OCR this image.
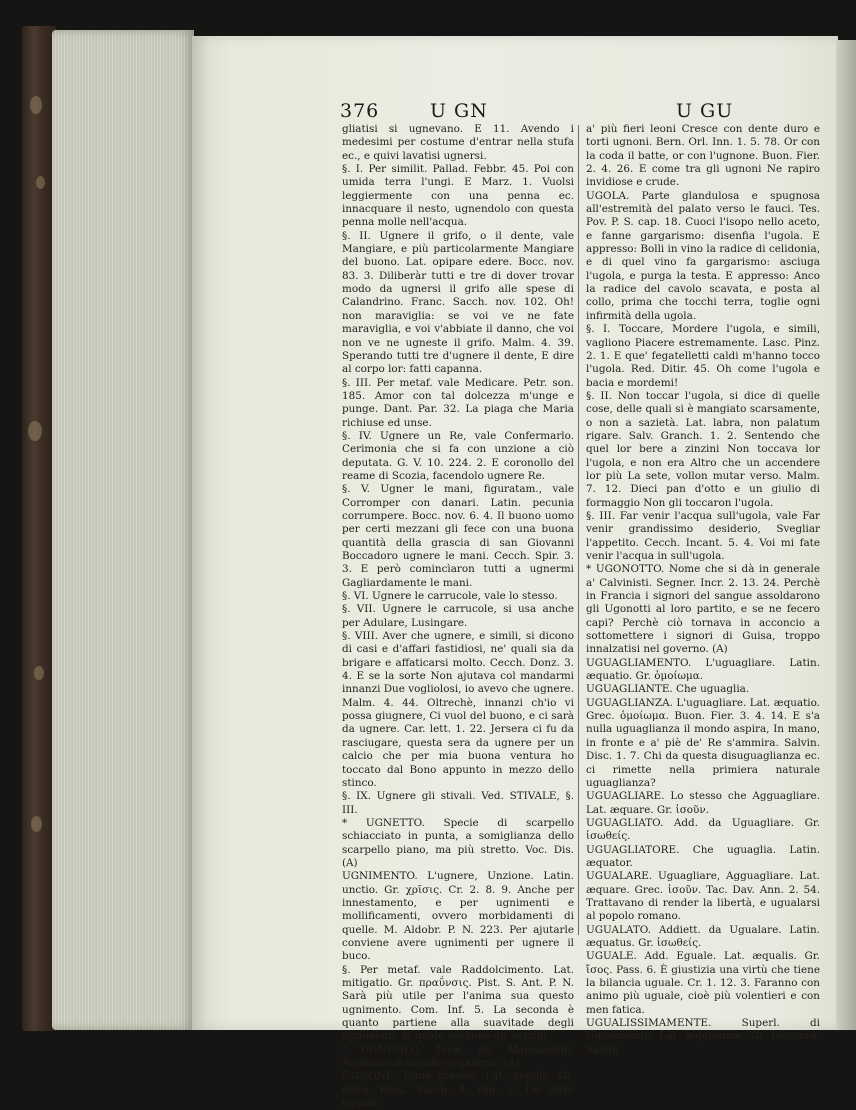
376	U GN	U GU

gliatisi si ugnevano. E 11. Avendo i medesimi per costume d'entrar nella stufa ec., e quivi lavatisi ugnersi.

§. I. Per similit. Pallad. Febbr. 45. Poi con umida terra l'ungi. E Marz. 1. Vuolsi leggiermente con una penna ec. innacquare il nesto, ugnendolo con questa penna molle nell'acqua.

§. II. Ugnere il grifo, o il dente, vale Mangiare, e più particolarmente Mangiare del buono. Lat. opipare edere. Bocc. nov. 83. 3. Diliberàr tutti e tre di dover trovar modo da ugnersi il grifo alle spese di Calandrino. Franc. Sacch. nov. 102. Oh! non maraviglia: se voi ve ne fate maraviglia, e voi v'abbiate il danno, che voi non ve ne ugneste il grifo. Malm. 4. 39. Sperando tutti tre d'ugnere il dente, E dire al corpo lor: fatti capanna.

§. III. Per metaf. vale Medicare. Petr. son. 185. Amor con tal dolcezza m'unge e punge. Dant. Par. 32. La piaga che Maria richiuse ed unse.

§. IV. Ugnere un Re, vale Confermarlo. Cerimonia che si fa con unzione a ciò deputata. G. V. 10. 224. 2. E coronollo del reame di Scozia, facendolo ugnere Re.

§. V. Ugner le mani, figuratam., vale Corromper con danari. Latin. pecunia corrumpere. Bocc. nov. 6. 4. Il buono uomo per certi mezzani gli fece con una buona quantità della grascia di san Giovanni Boccadoro ugnere le mani. Cecch. Spir. 3. 3. E però comincìaron tutti a ugnermi Gagliardamente le mani.

§. VI. Ugnere le carrucole, vale lo stesso.

§. VII. Ugnere le carrucole, si usa anche per Adulare, Lusingare.

§. VIII. Aver che ugnere, e simili, si dicono di casi e d'affari fastidiosi, ne' quali sia da brigare e affaticarsi molto. Cecch. Donz. 3. 4. E se la sorte Non ajutava col mandarmi innanzi Due vogliolosi, io avevo che ugnere. Malm. 4. 44. Oltrechè, innanzi ch'io vi possa giugnere, Ci vuol del buono, e ci sarà da ugnere. Car. lett. 1. 22. Jersera ci fu da rasciugare, questa sera da ugnere per un calcio che per mia buona ventura ho toccato dal Bono appunto in mezzo dello stinco.

§. IX. Ugnere gli stivali. Ved. STIVALE, §. III.

* UGNETTO. Specie di scarpello schiacciato in punta, a somiglianza dello scarpello piano, ma più stretto. Voc. Dis. (A)

UGNIMENTO. L'ugnere, Unzione. Latin. unctio. Gr. χρῖσις. Cr. 2. 8. 9. Anche per innestamento, e per ugnimenti e mollificamenti, ovvero morbidamenti di quelle. M. Aldobr. P. N. 223. Per ajutarle conviene avere ugnimenti per ugnere il buco.

§. Per metaf. vale Raddolcimento. Lat. mitigatio. Gr. πραΰνσις. Pist. S. Ant. P. N. Sarà più utile per l'anima sua questo ugnimento. Com. Inf. 5. La seconda è quanto partiene alla suavitade degli ugnimenti, la quale usavano gli antichi.

* UGNUOLO. Term. de' Maniscalchi. Aggiunto di cavallo segaligno. (A)

UGNONE. Ugna grande. Lat. ungula. Gr. ὁπλή. Boez. Varch. 4. rim. 3. Un altro eguale

a' più fieri leoni Cresce con dente duro e torti ugnoni. Bern. Orl. Inn. 1. 5. 78. Or con la coda il batte, or con l'ugnone. Buon. Fier. 2. 4. 26. E come tra gli ugnoni Ne rapiro invidiose e crude.

UGOLA. Parte glandulosa e spugnosa all'estremità del palato verso le fauci. Tes. Pov. P. S. cap. 18. Cuoci l'isopo nello aceto, e fanne gargarismo: disenfia l'ugola. E appresso: Bolli in vino la radice di celidonia, e di quel vino fa gargarismo: asciuga l'ugola, e purga la testa. E appresso: Anco la radice del cavolo scavata, e posta al collo, prima che tocchi terra, toglie ogni infirmità della ugola.

§. I. Toccare, Mordere l'ugola, e simili, vagliono Piacere estremamente. Lasc. Pinz. 2. 1. E que' fegatelletti caldi m'hanno tocco l'ugola. Red. Ditir. 45. Oh come l'ugola e bacia e mordemi!

§. II. Non toccar l'ugola, si dice di quelle cose, delle quali si è mangiato scarsamente, o non a sazietà. Lat. labra, non palatum rigare. Salv. Granch. 1. 2. Sentendo che quel lor bere a zinzini Non toccava lor l'ugola, e non era Altro che un accendere lor più La sete, vollon mutar verso. Malm. 7. 12. Dieci pan d'otto e un giulio di formaggio Non gli toccaron l'ugola.

§. III. Far venir l'acqua sull'ugola, vale Far venir grandissimo desiderio, Svegliar l'appetito. Cecch. Incant. 5. 4. Voi mi fate venir l'acqua in sull'ugola.

* UGONOTTO. Nome che si dà in generale a' Calvinisti. Segner. Incr. 2. 13. 24. Perchè in Francia i signori del sangue assoldarono gli Ugonotti al loro partito, e se ne fecero capi? Perchè ciò tornava in acconcio a sottomettere i signori di Guisa, troppo innalzatisi nel governo. (A)

UGUAGLIAMENTO. L'uguagliare. Latin. æquatio. Gr. ὁμοίωμα.

UGUAGLIANTE. Che uguaglia.

UGUAGLIANZA. L'uguagliare. Lat. æquatio. Grec. ὁμοίωμα. Buon. Fier. 3. 4. 14. E s'a nulla uguaglianza il mondo aspira, In mano, in fronte e a' piè de' Re s'ammira. Salvin. Disc. 1. 7. Chi da questa disuguaglianza ec. ci rimette nella primiera naturale uguaglianza?

UGUAGLIARE. Lo stesso che Agguagliare. Lat. æquare. Gr. ἰσοῦν.

UGUAGLIATO. Add. da Uguagliare. Gr. ἰσωθείς.

UGUAGLIATORE. Che uguaglia. Latin. æquator.

UGUALARE. Uguagliare, Agguagliare. Lat. æquare. Grec. ἰσοῦν. Tac. Dav. Ann. 2. 54. Trattavano di render la libertà, e ugualarsi al popolo romano.

UGUALATO. Addiett. da Ugualare. Latin. æquatus. Gr. ἰσωθείς.

UGUALE. Add. Eguale. Lat. æqualis. Gr. ἴσος. Pass. 6. È giustizia una virtù che tiene la bilancia uguale. Cr. 1. 12. 3. Faranno con animo più uguale, cioè più volentieri e con men fatica.

UGUALISSIMAMENTE. Superl. di Ugualmente. Lat. æquissime. Gr. ἰσώτατα. Salvin.
